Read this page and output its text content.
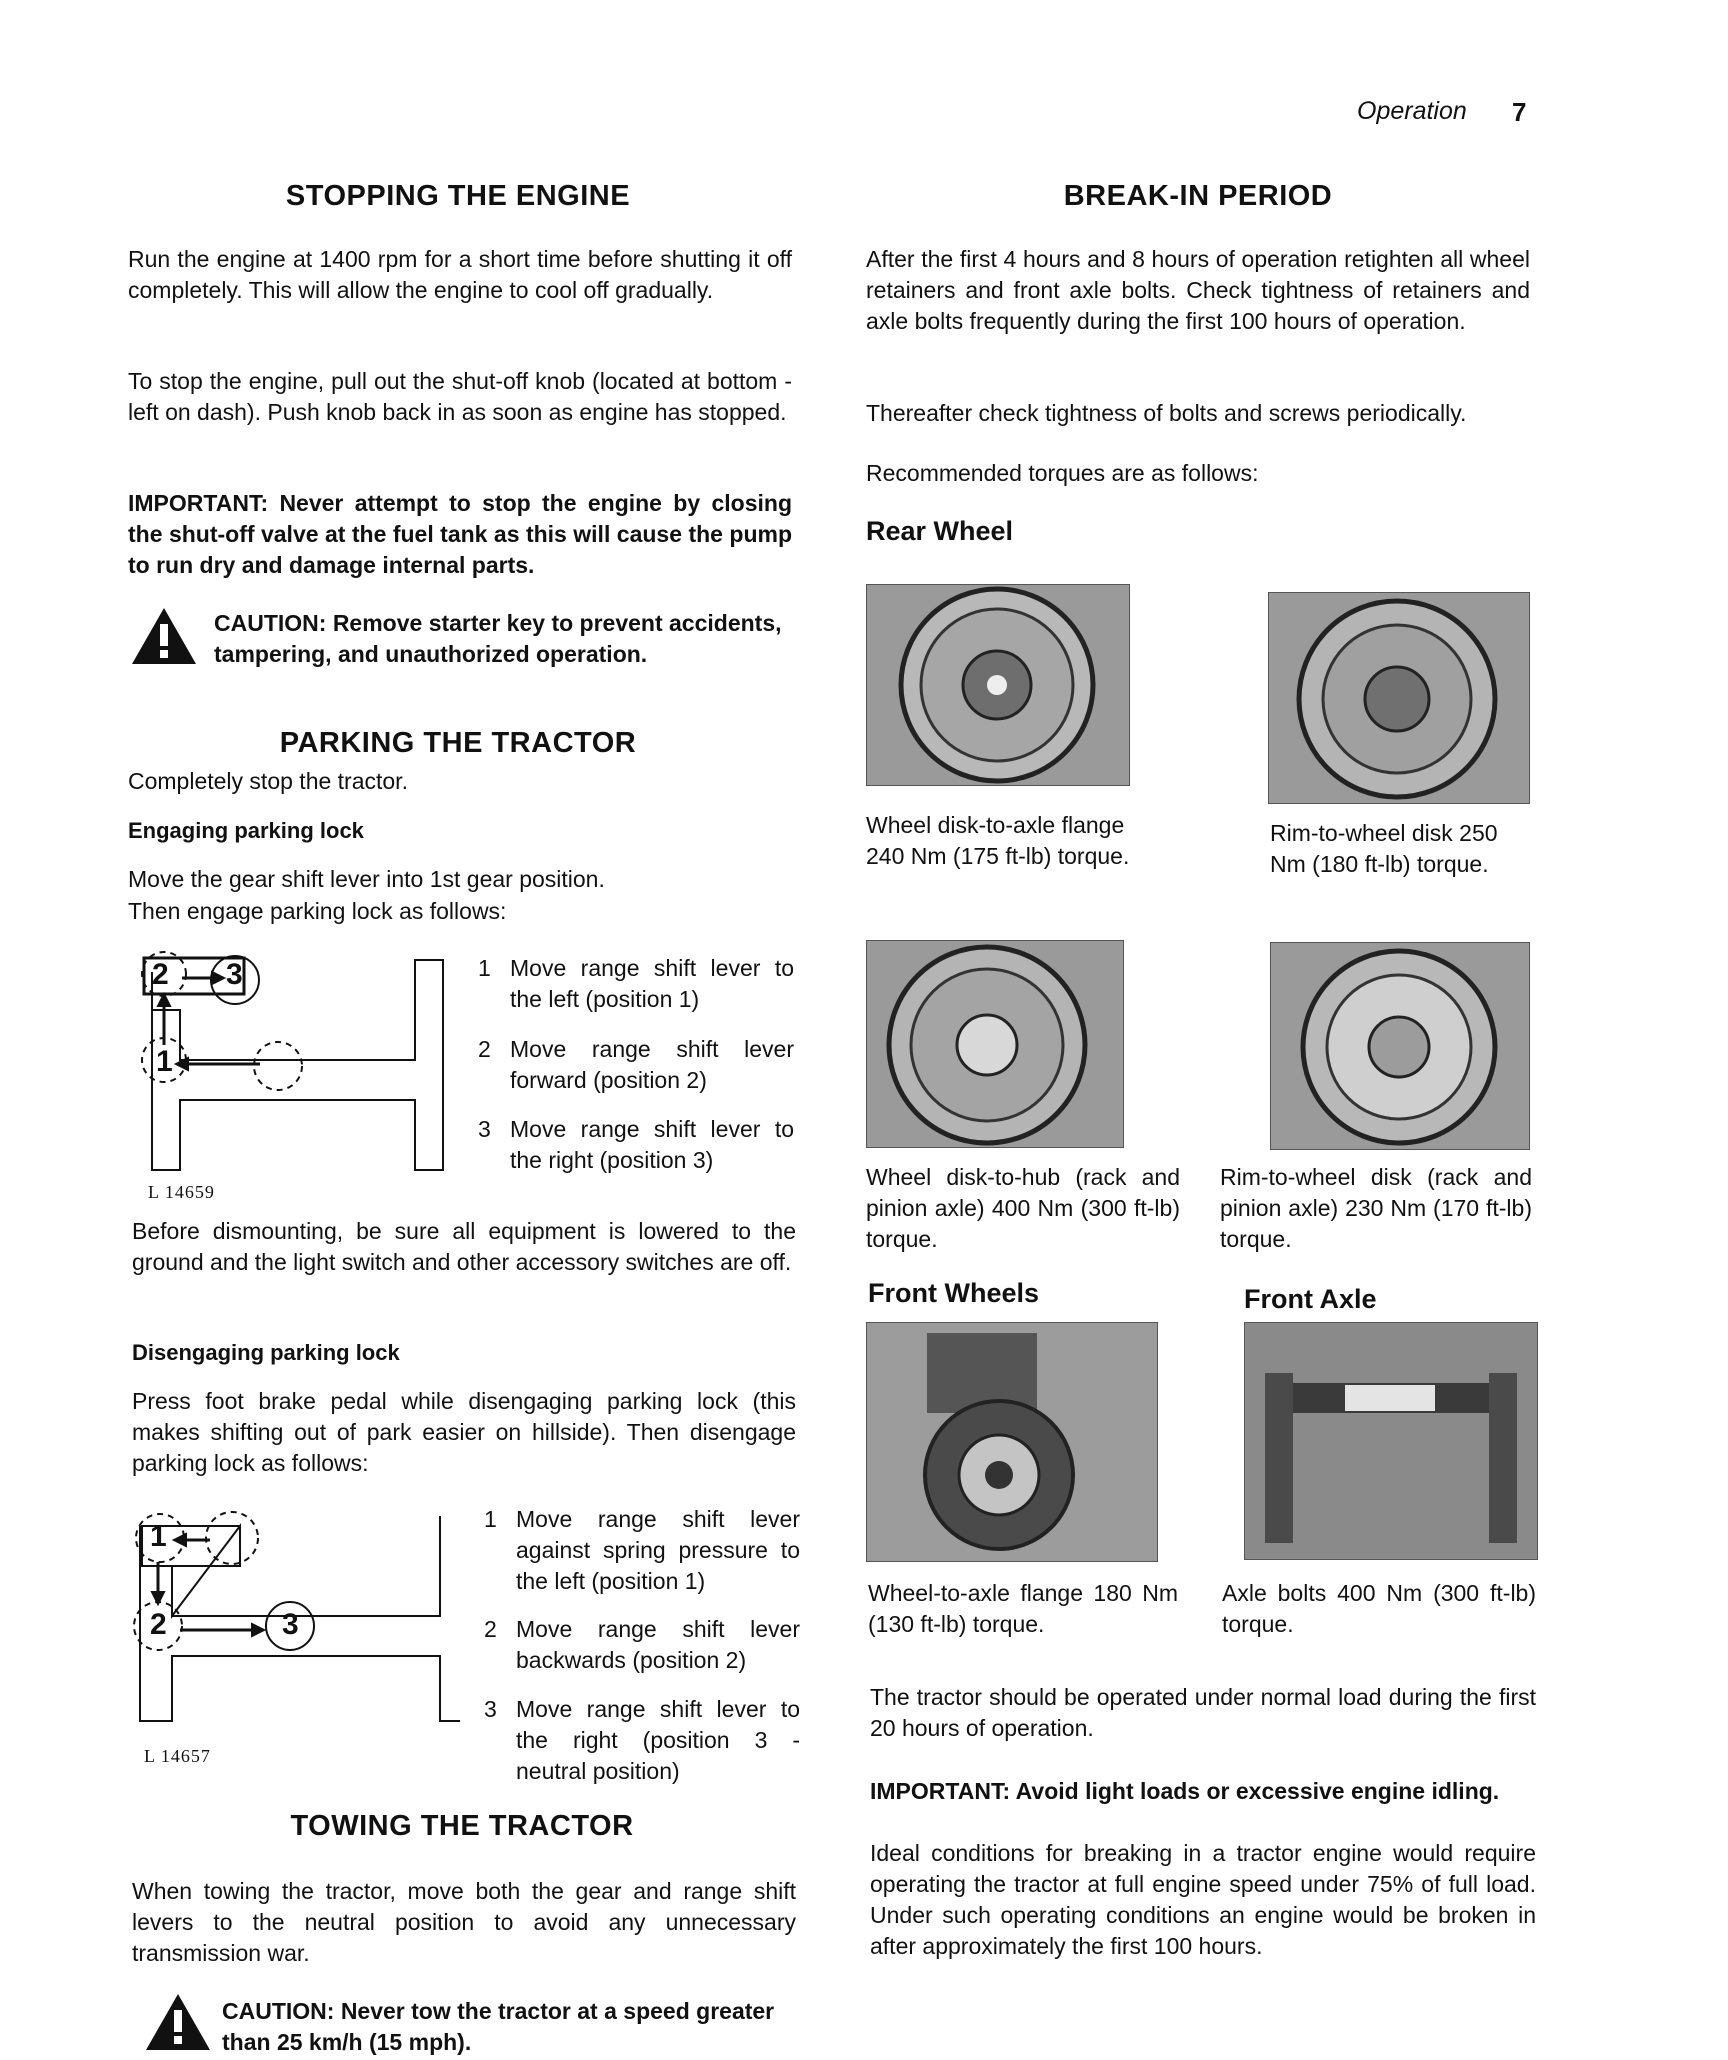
Operation 7
STOPPING THE ENGINE

Run the engine at 1400 rpm for a short time before shutting it off completely. This will allow the engine to cool off gradually.

To stop the engine, pull out the shut-off knob (located at bottom - left on dash). Push knob back in as soon as engine has stopped.

IMPORTANT: Never attempt to stop the engine by closing the shut-off valve at the fuel tank as this will cause the pump to run dry and damage internal parts.

CAUTION: Remove starter key to prevent accidents, tampering, and unauthorized operation.
PARKING THE TRACTOR

Completely stop the tractor.

Engaging parking lock

Move the gear shift lever into 1st gear position.

Then engage parking lock as follows:

2 3
1
L 14659
1 Move range shift lever to the left (position 1)
2 Move range shift lever forward (position 2)
3 Move range shift lever to the right (position 3)

Before dismounting, be sure all equipment is lowered to the ground and the light switch and other accessory switches are off.

Disengaging parking lock

Press foot brake pedal while disengaging parking lock (this makes shifting out of park easier on hillside). Then disengage parking lock as follows:

1
2	3
L 14657
1 Move range shift lever against spring pressure to the left (position 1)
2 Move range shift lever backwards (position 2)
3 Move range shift lever to the right (position 3 - neutral position)
TOWING THE TRACTOR

When towing the tractor, move both the gear and range shift levers to the neutral position to avoid any unnecessary transmission war.

CAUTION: Never tow the tractor at a speed greater than 25 km/h (15 mph).
BREAK-IN PERIOD

After the first 4 hours and 8 hours of operation retighten all wheel retainers and front axle bolts. Check tightness of retainers and axle bolts frequently during the first 100 hours of operation.

Thereafter check tightness of bolts and screws periodically.

Recommended torques are as follows:

Rear Wheel
Wheel disk-to-axle flange 240 Nm (175 ft-lb) torque.
Rim-to-wheel disk 250 Nm (180 ft-lb) torque.
Wheel disk-to-hub (rack and pinion axle) 400 Nm (300 ft-lb) torque.
Rim-to-wheel disk (rack and pinion axle) 230 Nm (170 ft-lb) torque.
Front Wheels	Front Axle
Wheel-to-axle flange 180 Nm (130 ft-lb) torque.
Axle bolts 400 Nm (300 ft-lb) torque.

The tractor should be operated under normal load during the first 20 hours of operation.

IMPORTANT: Avoid light loads or excessive engine idling.

Ideal conditions for breaking in a tractor engine would require operating the tractor at full engine speed under 75% of full load. Under such operating conditions an engine would be broken in after approximately the first 100 hours.
